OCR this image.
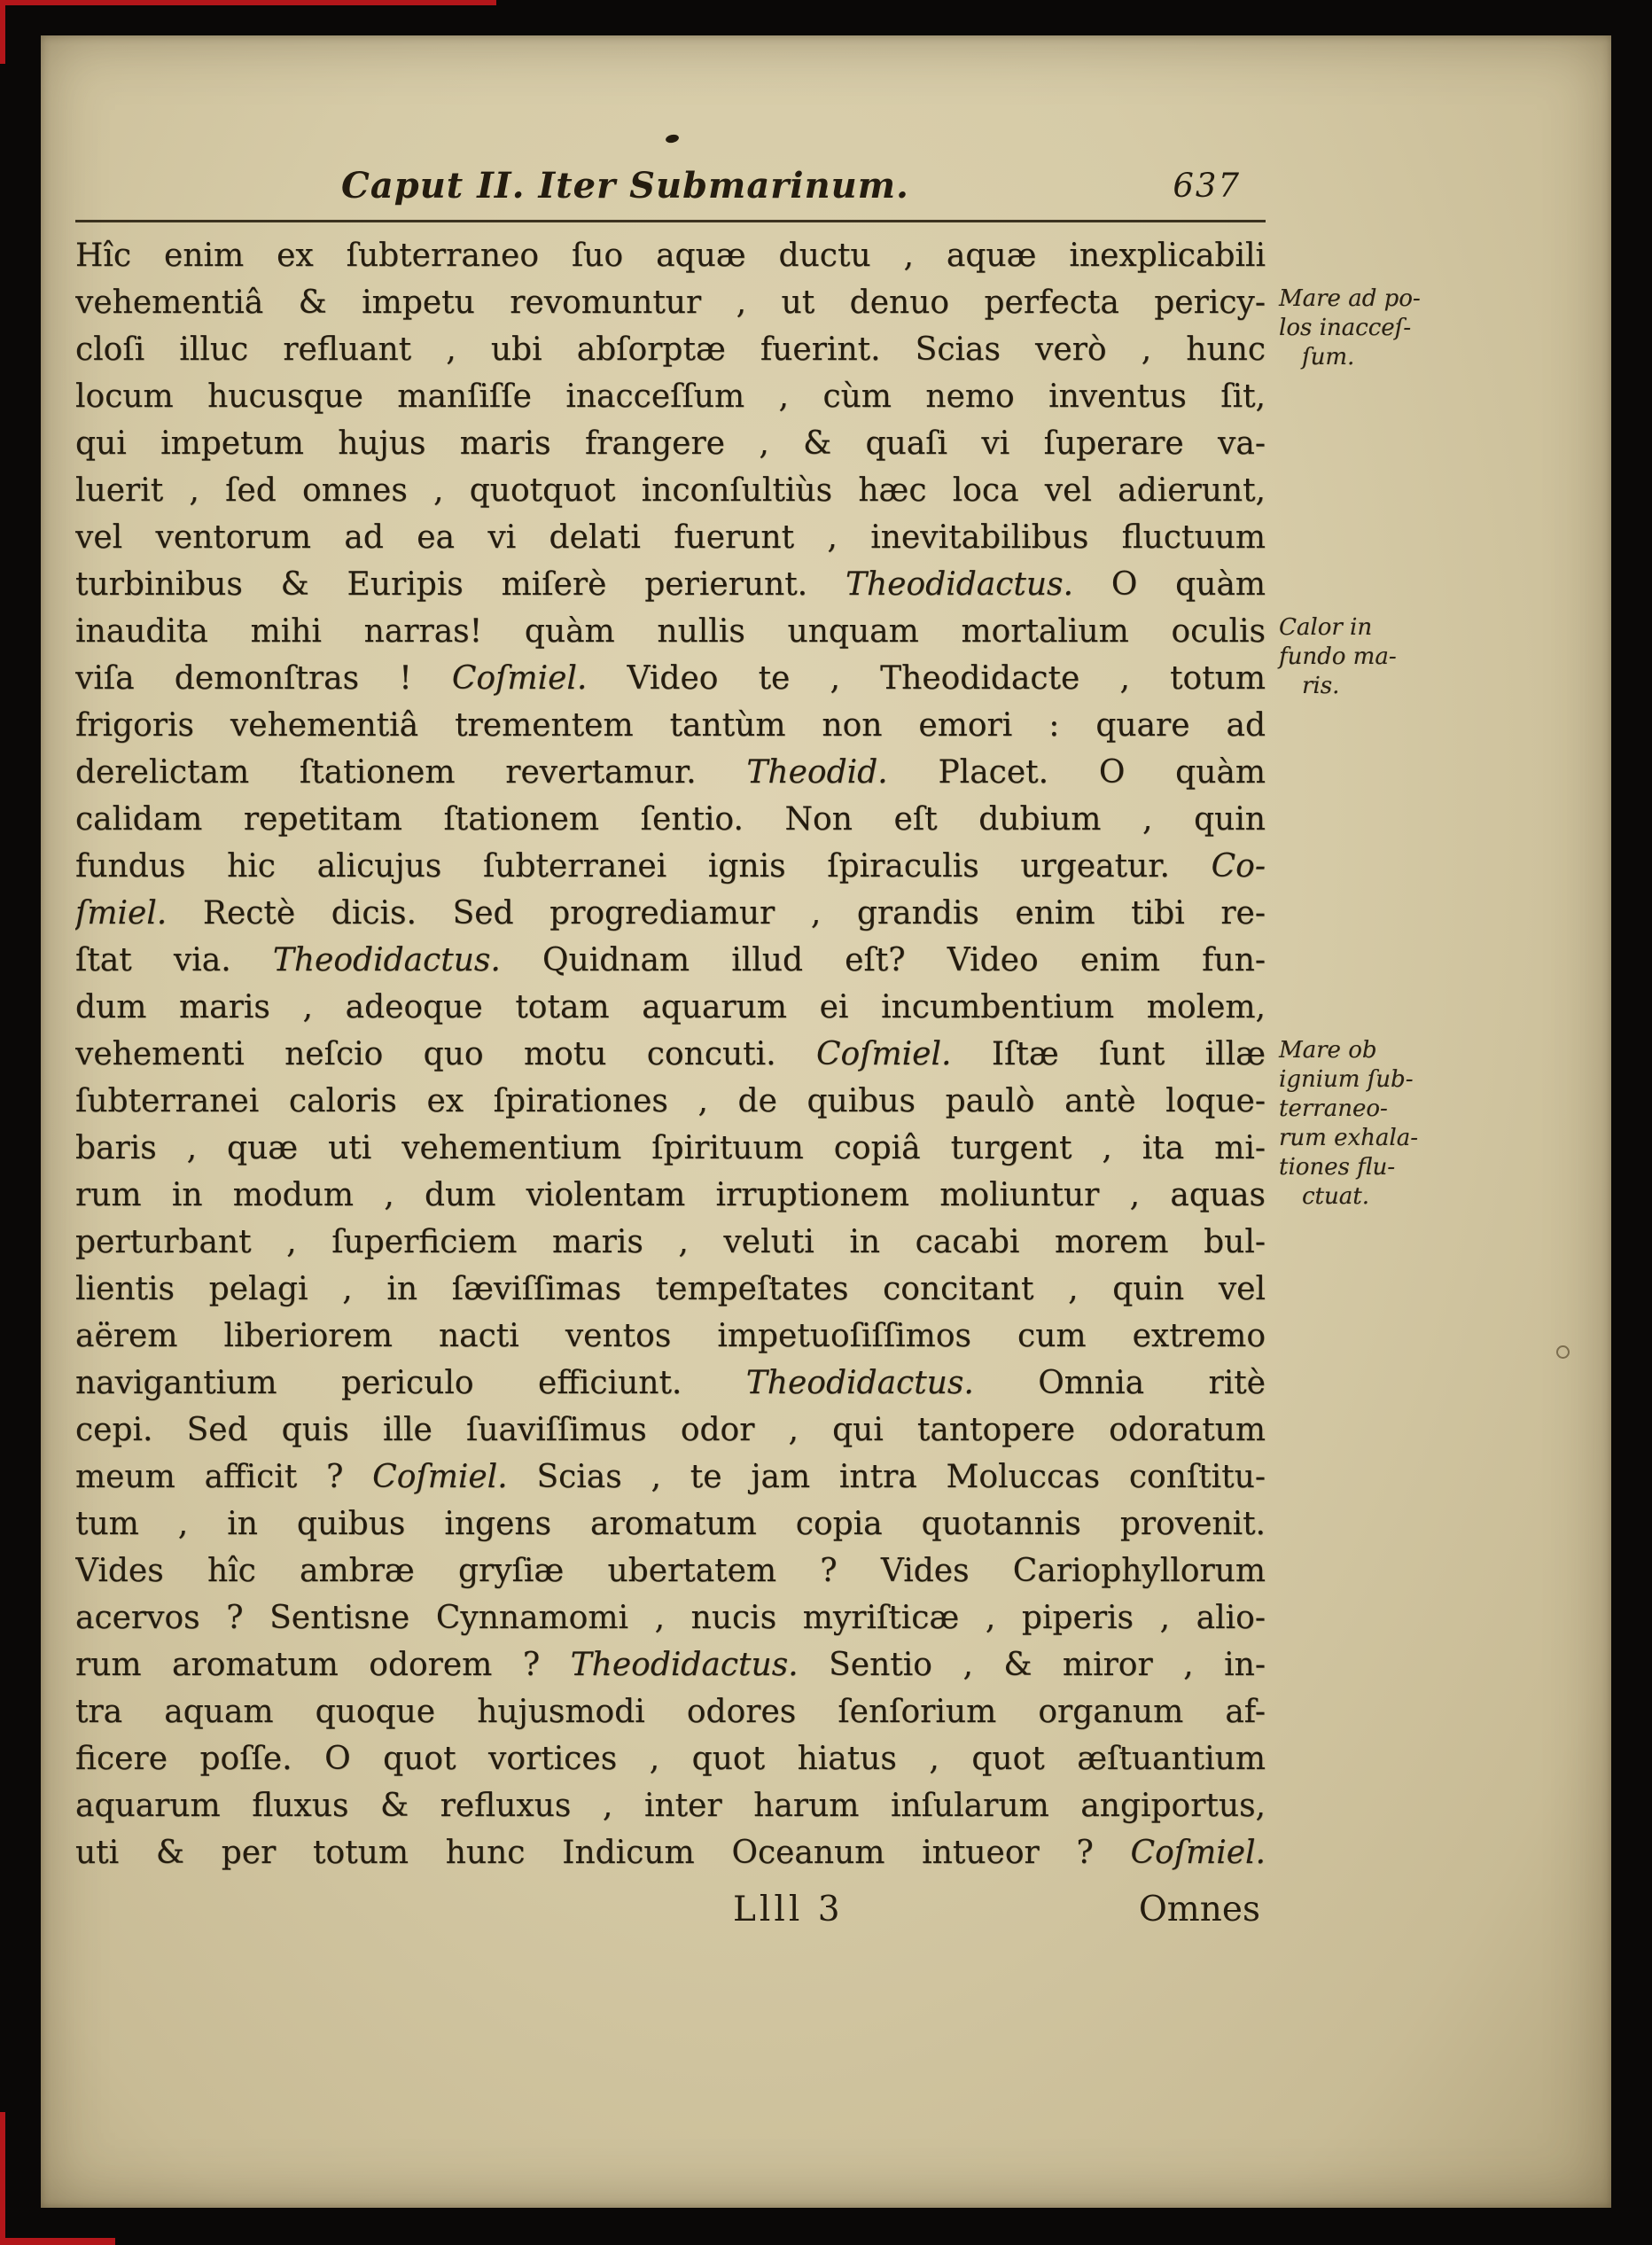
Caput II. Iter Submarinum.	637
Hîc enim ex ſubterraneo ſuo aquæ ductu , aquæ inexplicabili
vehementiâ & impetu revomuntur , ut denuo perfecta pericy-
cloſi illuc refluant , ubi abſorptæ fuerint. Scias verò , hunc
locum hucusque manſiſſe inacceſſum , cùm nemo inventus ſit,
qui impetum hujus maris frangere , & quaſi vi ſuperare va-
luerit , ſed omnes , quotquot inconſultiùs hæc loca vel adierunt,
vel ventorum ad ea vi delati fuerunt , inevitabilibus fluctuum
turbinibus & Euripis miſerè perierunt. Theodidactus. O quàm
inaudita mihi narras! quàm nullis unquam mortalium oculis
viſa demonſtras ! Coſmiel. Video te , Theodidacte , totum
frigoris vehementiâ trementem tantùm non emori : quare ad
derelictam ſtationem revertamur. Theodid. Placet. O quàm
calidam repetitam ſtationem ſentio. Non eſt dubium , quin
fundus hic alicujus ſubterranei ignis ſpiraculis urgeatur. Co-
ſmiel. Rectè dicis. Sed progrediamur , grandis enim tibi re-
ſtat via. Theodidactus. Quidnam illud eſt? Video enim fun-
dum maris , adeoque totam aquarum ei incumbentium molem,
vehementi neſcio quo motu concuti. Coſmiel. Iſtæ ſunt illæ
ſubterranei caloris ex ſpirationes , de quibus paulò antè loque-
baris , quæ uti vehementium ſpirituum copiâ turgent , ita mi-
rum in modum , dum violentam irruptionem moliuntur , aquas
perturbant , ſuperficiem maris , veluti in cacabi morem bul-
lientis pelagi , in ſæviſſimas tempeſtates concitant , quin vel
aërem liberiorem nacti ventos impetuoſiſſimos cum extremo
navigantium periculo efficiunt. Theodidactus. Omnia ritè
cepi. Sed quis ille ſuaviſſimus odor , qui tantopere odoratum
meum afficit ? Coſmiel. Scias , te jam intra Moluccas conſtitu-
tum , in quibus ingens aromatum copia quotannis provenit.
Vides hîc ambræ gryſiæ ubertatem ? Vides Cariophyllorum
acervos ? Sentisne Cynnamomi , nucis myriſticæ , piperis , alio-
rum aromatum odorem ? Theodidactus. Sentio , & miror , in-
tra aquam quoque hujusmodi odores ſenſorium organum af-
ficere poſſe. O quot vortices , quot hiatus , quot æſtuantium
aquarum fluxus & refluxus , inter harum inſularum angiportus,
uti & per totum hunc Indicum Oceanum intueor ? Coſmiel.
Mare ad po-
los inacceſ-
ſum.
Calor in
fundo ma-
ris.
Mare ob
ignium ſub-
terraneo-
rum exhala-
tiones flu-
ctuat.
Llll 3	Omnes
